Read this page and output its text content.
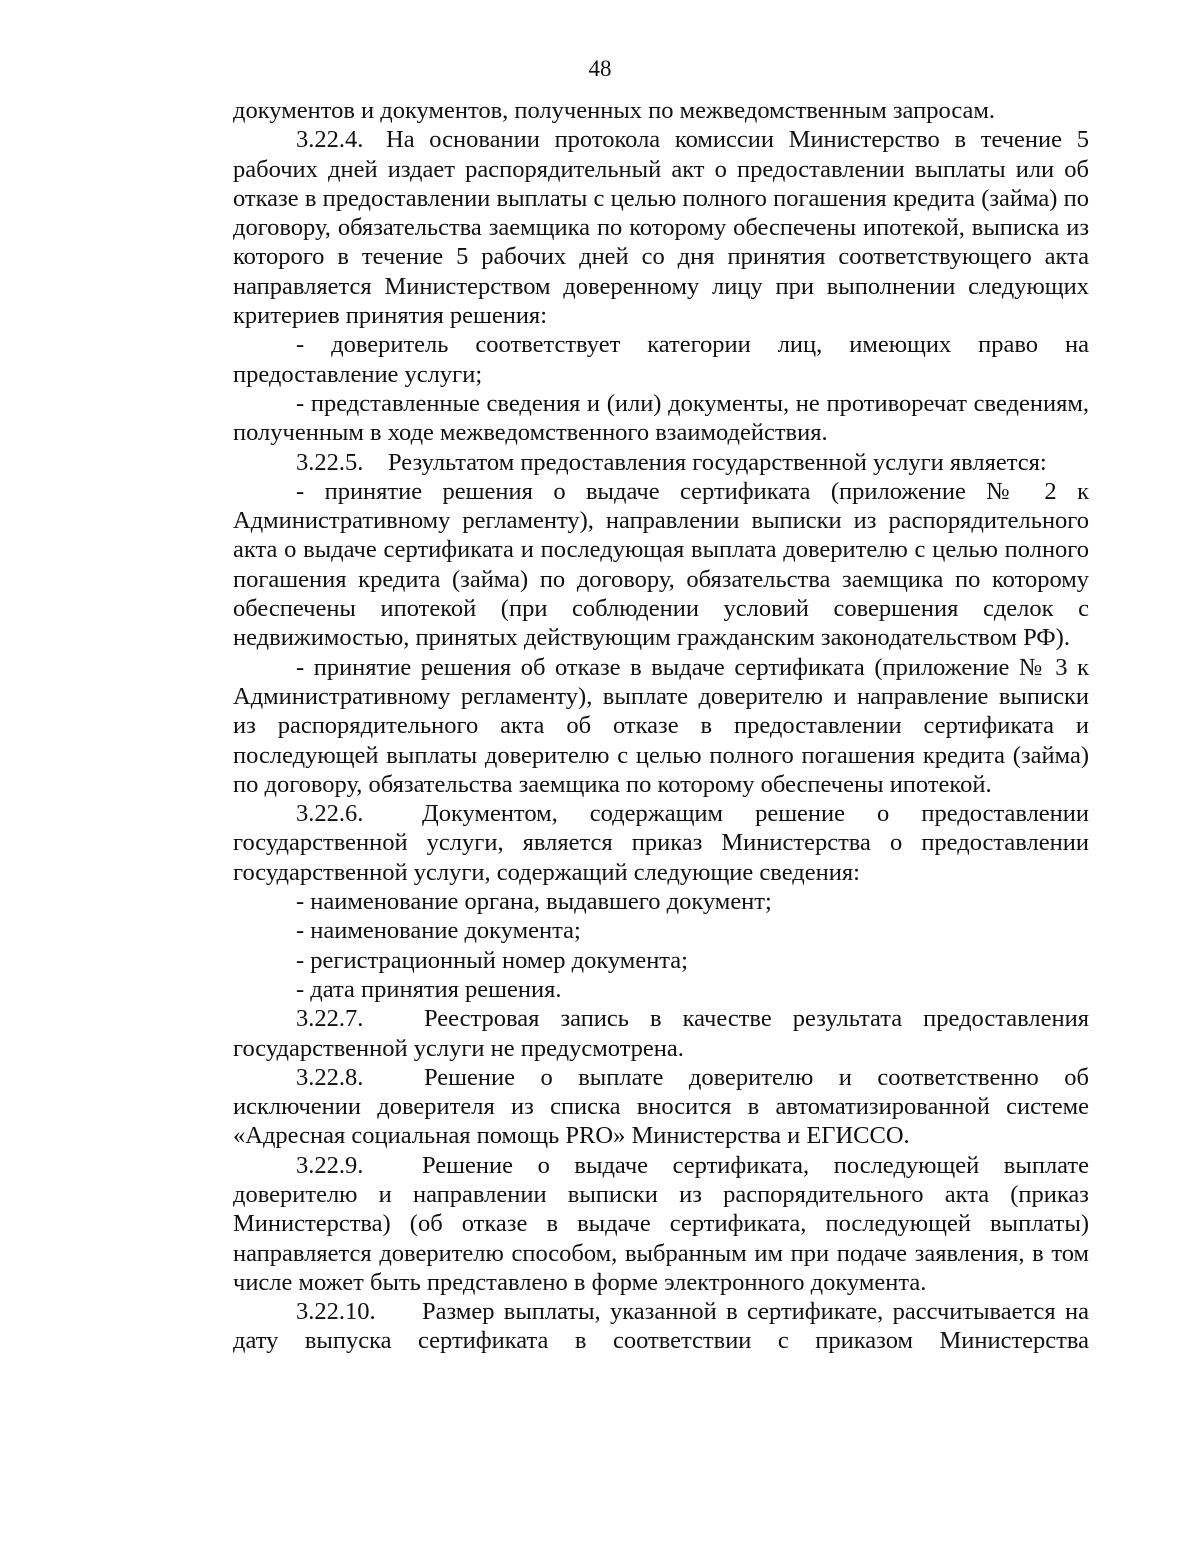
48

документов и документов, полученных по межведомственным запросам.

3.22.4. На основании протокола комиссии Министерство в течение 5 рабочих дней издает распорядительный акт о предоставлении выплаты или об отказе в предоставлении выплаты с целью полного погашения кредита (займа) по договору, обязательства заемщика по которому обеспечены ипотекой, выписка из которого в течение 5 рабочих дней со дня принятия соответствующего акта направляется Министерством доверенному лицу при выполнении следующих критериев принятия решения:

- доверитель соответствует категории лиц, имеющих право на предоставление услуги;

- представленные сведения и (или) документы, не противоречат сведениям, полученным в ходе межведомственного взаимодействия.

3.22.5. Результатом предоставления государственной услуги является:

- принятие решения о выдаче сертификата (приложение № 2 к Административному регламенту), направлении выписки из распорядительного акта о выдаче сертификата и последующая выплата доверителю с целью полного погашения кредита (займа) по договору, обязательства заемщика по которому обеспечены ипотекой (при соблюдении условий совершения сделок с недвижимостью, принятых действующим гражданским законодательством РФ).

- принятие решения об отказе в выдаче сертификата (приложение № 3 к Административному регламенту), выплате доверителю и направление выписки из распорядительного акта об отказе в предоставлении сертификата и последующей выплаты доверителю с целью полного погашения кредита (займа) по договору, обязательства заемщика по которому обеспечены ипотекой.

3.22.6. Документом, содержащим решение о предоставлении государственной услуги, является приказ Министерства о предоставлении государственной услуги, содержащий следующие сведения:

- наименование органа, выдавшего документ;

- наименование документа;

- регистрационный номер документа;

- дата принятия решения.

3.22.7. Реестровая запись в качестве результата предоставления государственной услуги не предусмотрена.

3.22.8. Решение о выплате доверителю и соответственно об исключении доверителя из списка вносится в автоматизированной системе «Адресная социальная помощь PRO» Министерства и ЕГИССО.

3.22.9. Решение о выдаче сертификата, последующей выплате доверителю и направлении выписки из распорядительного акта (приказ Министерства) (об отказе в выдаче сертификата, последующей выплаты) направляется доверителю способом, выбранным им при подаче заявления, в том числе может быть представлено в форме электронного документа.

3.22.10. Размер выплаты, указанной в сертификате, рассчитывается на дату выпуска сертификата в соответствии с приказом Министерства
